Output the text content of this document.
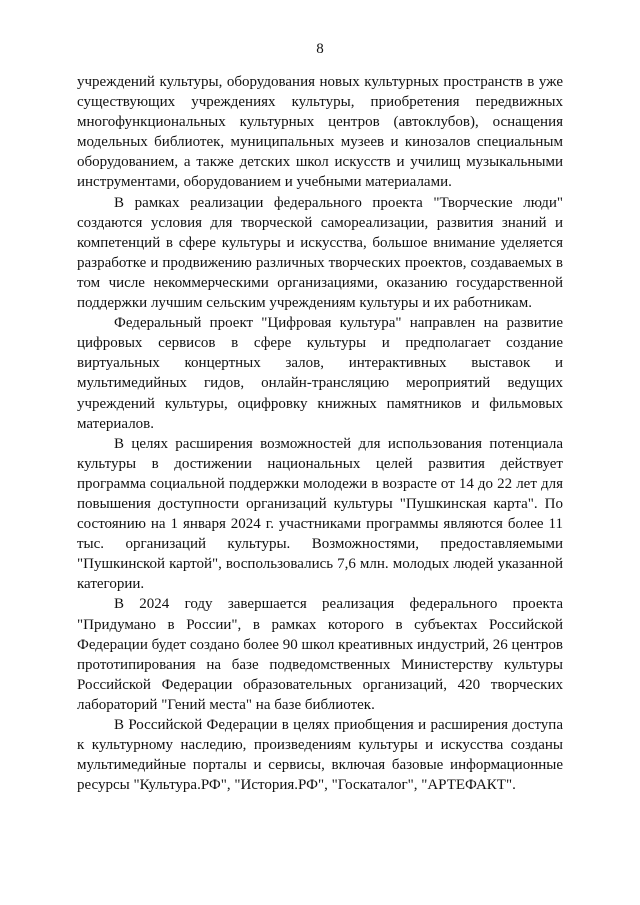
8

учреждений культуры, оборудования новых культурных пространств в уже существующих учреждениях культуры, приобретения передвижных многофункциональных культурных центров (автоклубов), оснащения модельных библиотек, муниципальных музеев и кинозалов специальным оборудованием, а также детских школ искусств и училищ музыкальными инструментами, оборудованием и учебными материалами.

В рамках реализации федерального проекта "Творческие люди" создаются условия для творческой самореализации, развития знаний и компетенций в сфере культуры и искусства, большое внимание уделяется разработке и продвижению различных творческих проектов, создаваемых в том числе некоммерческими организациями, оказанию государственной поддержки лучшим сельским учреждениям культуры и их работникам.

Федеральный проект "Цифровая культура" направлен на развитие цифровых сервисов в сфере культуры и предполагает создание виртуальных концертных залов, интерактивных выставок и мультимедийных гидов, онлайн-трансляцию мероприятий ведущих учреждений культуры, оцифровку книжных памятников и фильмовых материалов.

В целях расширения возможностей для использования потенциала культуры в достижении национальных целей развития действует программа социальной поддержки молодежи в возрасте от 14 до 22 лет для повышения доступности организаций культуры "Пушкинская карта". По состоянию на 1 января 2024 г. участниками программы являются более 11 тыс. организаций культуры. Возможностями, предоставляемыми "Пушкинской картой", воспользовались 7,6 млн. молодых людей указанной категории.

В 2024 году завершается реализация федерального проекта "Придумано в России", в рамках которого в субъектах Российской Федерации будет создано более 90 школ креативных индустрий, 26 центров прототипирования на базе подведомственных Министерству культуры Российской Федерации образовательных организаций, 420 творческих лабораторий "Гений места" на базе библиотек.

В Российской Федерации в целях приобщения и расширения доступа к культурному наследию, произведениям культуры и искусства созданы мультимедийные порталы и сервисы, включая базовые информационные ресурсы "Культура.РФ", "История.РФ", "Госкаталог", "АРТЕФАКТ".
